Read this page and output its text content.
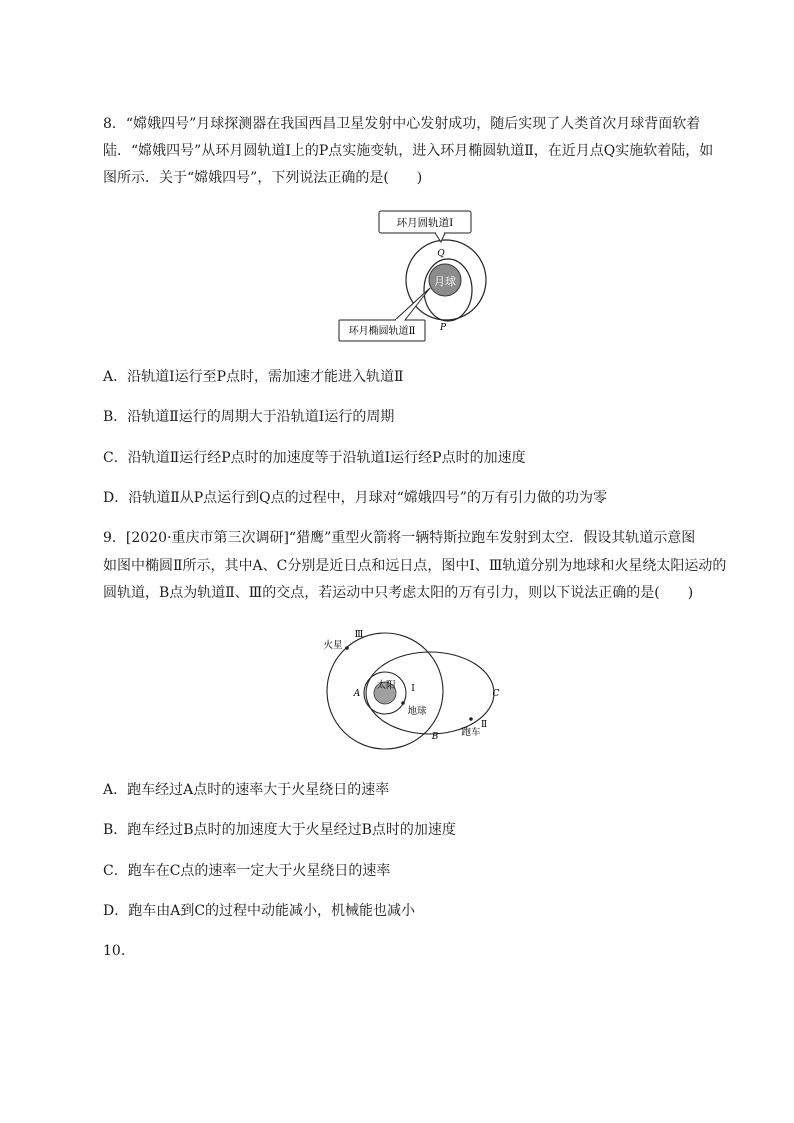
8．“嫦娥四号”月球探测器在我国西昌卫星发射中心发射成功，随后实现了人类首次月球背面软着
陆．“嫦娥四号”从环月圆轨道Ⅰ上的P点实施变轨，进入环月椭圆轨道Ⅱ，在近月点Q实施软着陆，如
图所示．关于“嫦娥四号”，下列说法正确的是(　　)
月球
Q
P
环月圆轨道Ⅰ
环月椭圆轨道Ⅱ
A．沿轨道Ⅰ运行至P点时，需加速才能进入轨道Ⅱ
B．沿轨道Ⅱ运行的周期大于沿轨道Ⅰ运行的周期
C．沿轨道Ⅱ运行经P点时的加速度等于沿轨道Ⅰ运行经P点时的加速度
D．沿轨道Ⅱ从P点运行到Q点的过程中，月球对“嫦娥四号”的万有引力做的功为零
9．[2020·重庆市第三次调研]“猎鹰”重型火箭将一辆特斯拉跑车发射到太空．假设其轨道示意图
如图中椭圆Ⅱ所示，其中A、C分别是近日点和远日点，图中Ⅰ、Ⅲ轨道分别为地球和火星绕太阳运动的
圆轨道，B点为轨道Ⅱ、Ⅲ的交点，若运动中只考虑太阳的万有引力，则以下说法正确的是(　　)
太阳 Ⅰ
地球
火星
Ⅲ
A
B
C
Ⅱ
跑车
A．跑车经过A点时的速率大于火星绕日的速率
B．跑车经过B点时的加速度大于火星经过B点时的加速度
C．跑车在C点的速率一定大于火星绕日的速率
D．跑车由A到C的过程中动能减小，机械能也减小
10.
